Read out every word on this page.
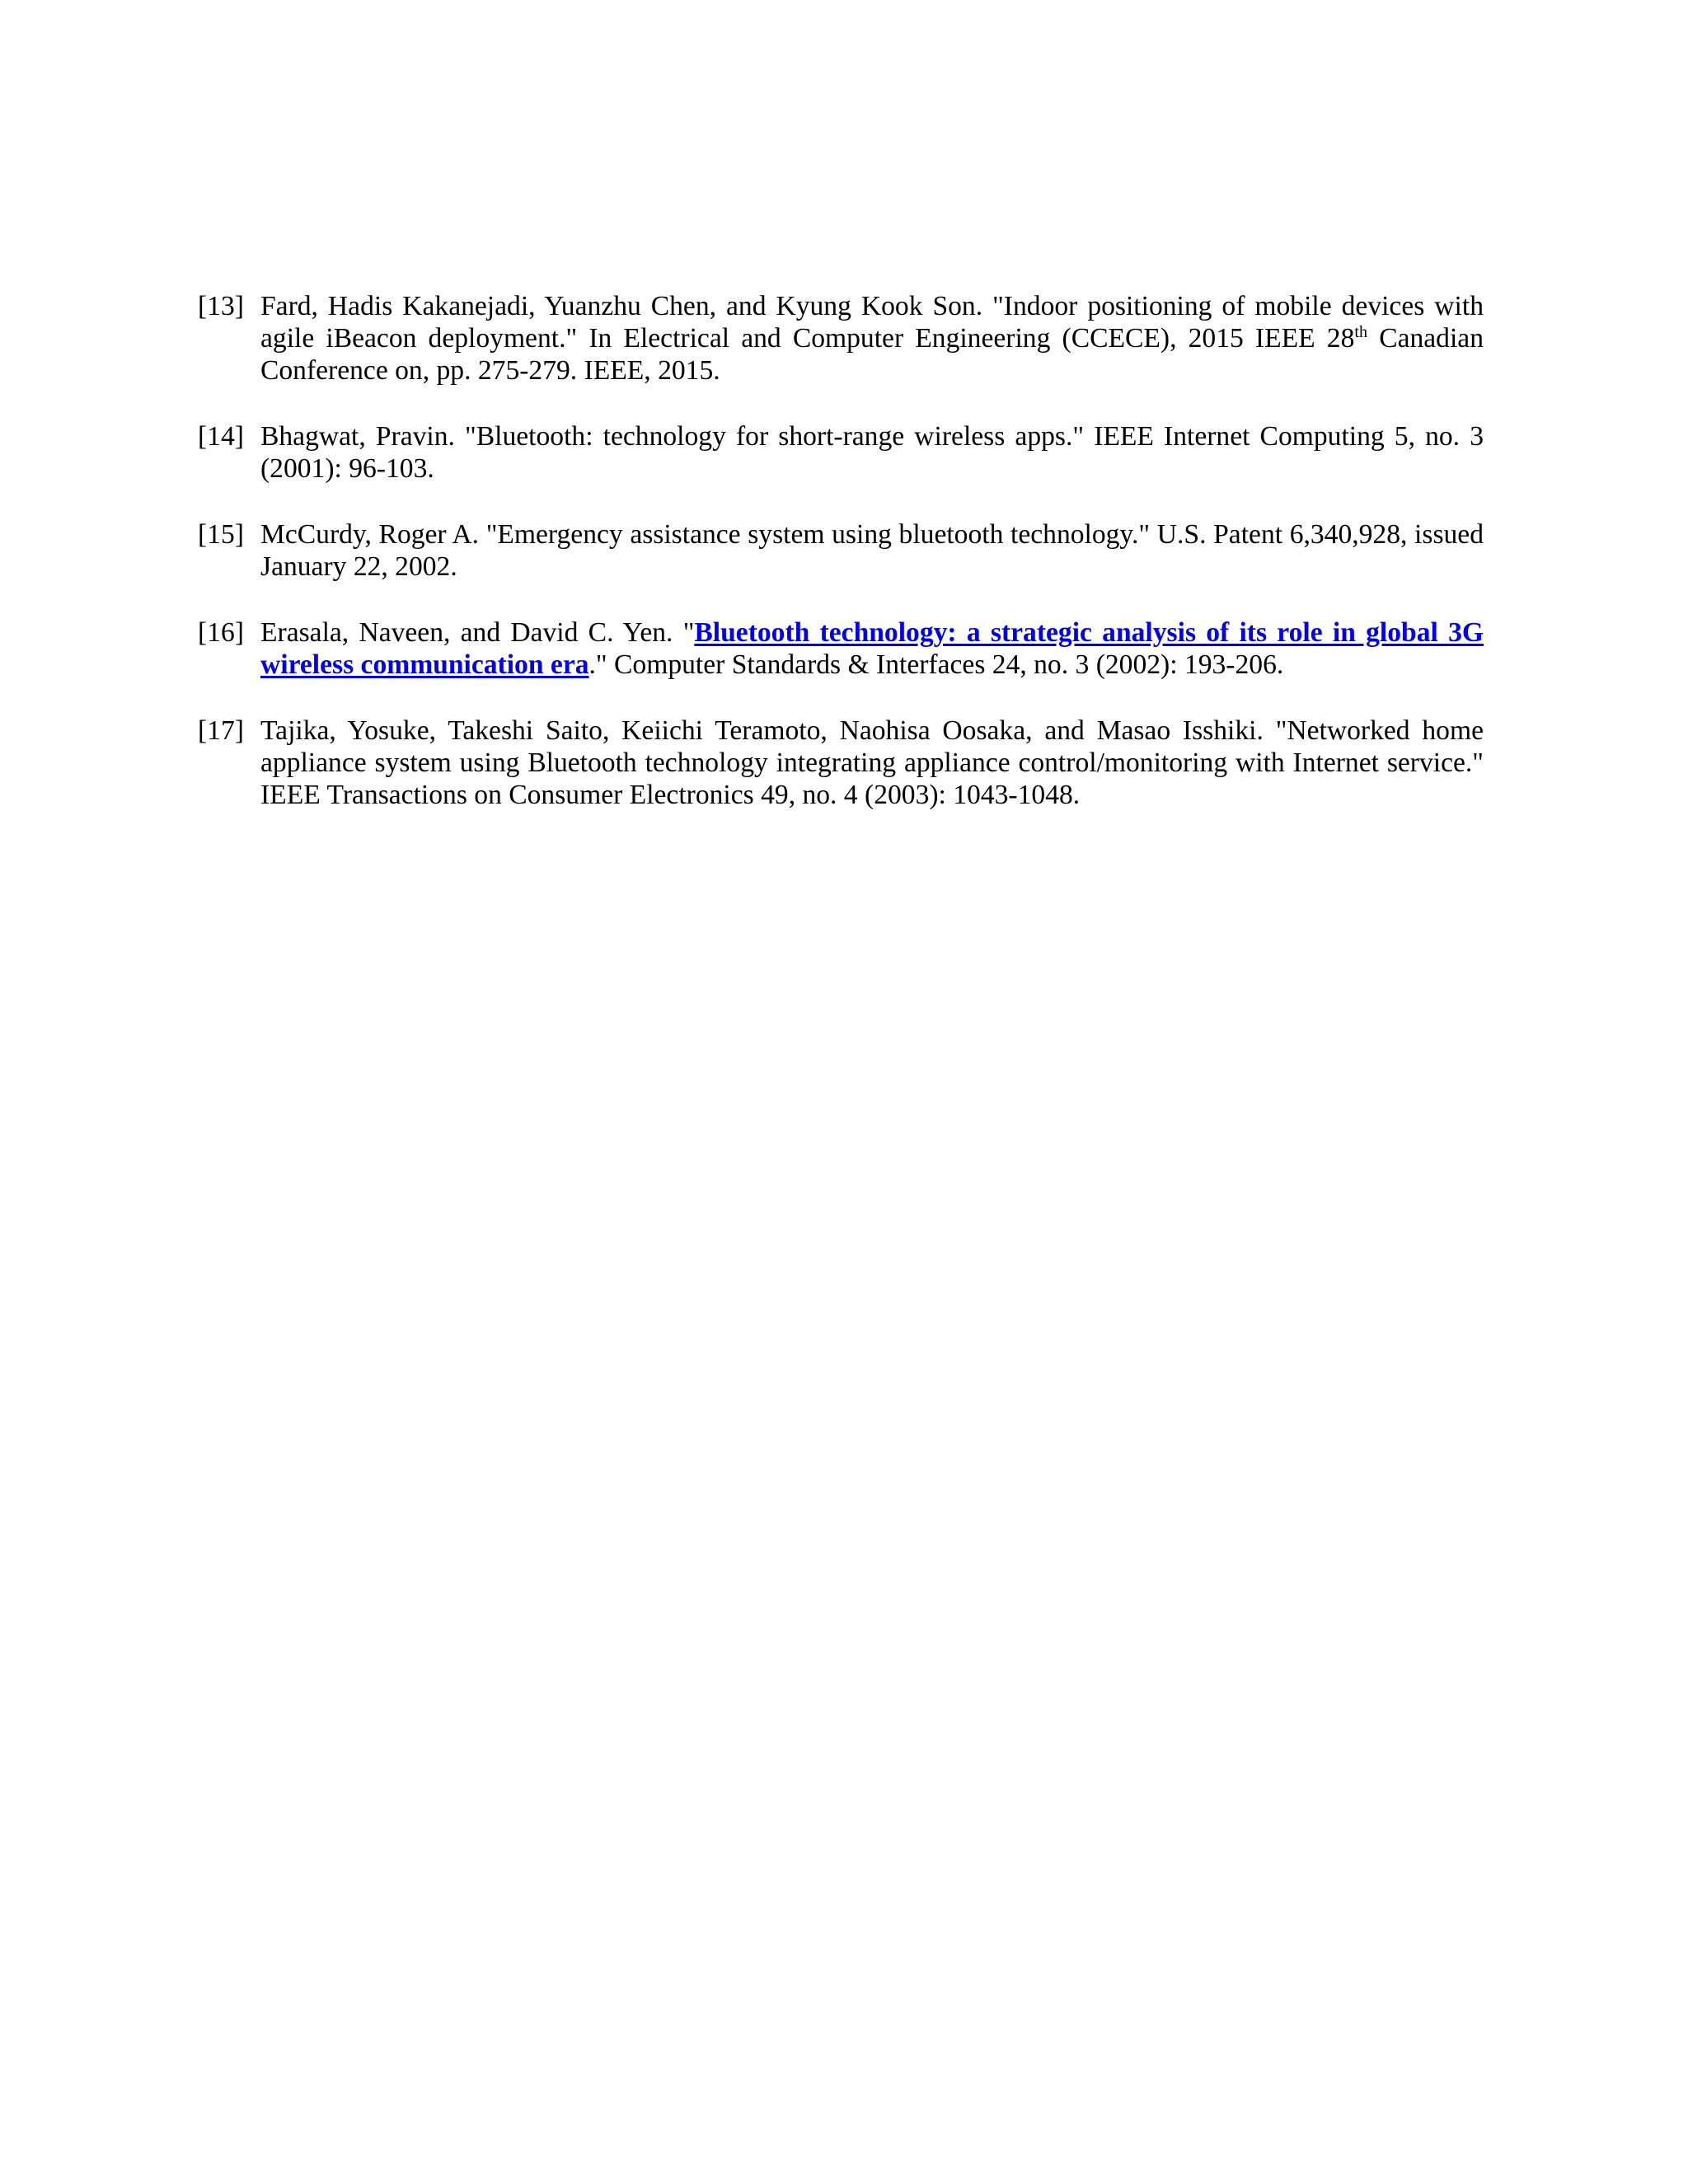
[13] Fard, Hadis Kakanejadi, Yuanzhu Chen, and Kyung Kook Son. "Indoor positioning of mobile devices with agile iBeacon deployment." In Electrical and Computer Engineering (CCECE), 2015 IEEE 28th Canadian Conference on, pp. 275-279. IEEE, 2015.
[14] Bhagwat, Pravin. "Bluetooth: technology for short-range wireless apps." IEEE Internet Computing 5, no. 3 (2001): 96-103.
[15] McCurdy, Roger A. "Emergency assistance system using bluetooth technology." U.S. Patent 6,340,928, issued January 22, 2002.
[16] Erasala, Naveen, and David C. Yen. "Bluetooth technology: a strategic analysis of its role in global 3G wireless communication era." Computer Standards & Interfaces 24, no. 3 (2002): 193-206.
[17] Tajika, Yosuke, Takeshi Saito, Keiichi Teramoto, Naohisa Oosaka, and Masao Isshiki. "Networked home appliance system using Bluetooth technology integrating appliance control/monitoring with Internet service." IEEE Transactions on Consumer Electronics 49, no. 4 (2003): 1043-1048.
